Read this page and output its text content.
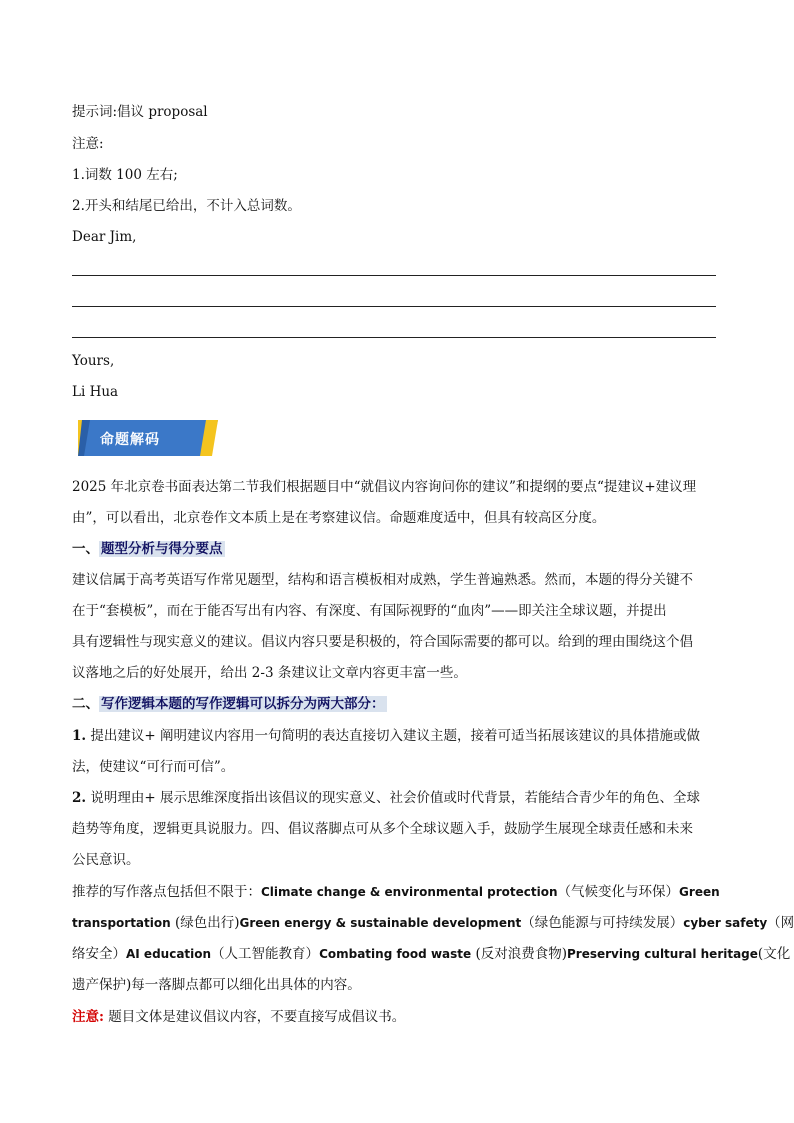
提示词:倡议 proposal
注意:
1.词数 100 左右;
2.开头和结尾已给出，不计入总词数。
Dear Jim,
Yours,
Li Hua
命题解码
2025 年北京卷书面表达第二节我们根据题目中“就倡议内容询问你的建议”和提纲的要点“提建议+建议理
由”，可以看出，北京卷作文本质上是在考察建议信。命题难度适中，但具有较高区分度。
一、 题型分析与得分要点
建议信属于高考英语写作常见题型，结构和语言模板相对成熟，学生普遍熟悉。然而，本题的得分关键不
在于“套模板”，而在于能否写出有内容、有深度、有国际视野的“血肉”——即关注全球议题，并提出
具有逻辑性与现实意义的建议。倡议内容只要是积极的，符合国际需要的都可以。给到的理由围绕这个倡
议落地之后的好处展开，给出 2-3 条建议让文章内容更丰富一些。
二、 写作逻辑本题的写作逻辑可以拆分为两大部分：
1. 提出建议+ 阐明建议内容用一句简明的表达直接切入建议主题，接着可适当拓展该建议的具体措施或做
法，使建议“可行而可信”。
2. 说明理由+ 展示思维深度指出该倡议的现实意义、社会价值或时代背景，若能结合青少年的角色、全球
趋势等角度，逻辑更具说服力。四、倡议落脚点可从多个全球议题入手，鼓励学生展现全球责任感和未来
公民意识。
推荐的写作落点包括但不限于：Climate change & environmental protection（气候变化与环保）Green
transportation (绿色出行)Green energy & sustainable development（绿色能源与可持续发展）cyber safety（网
络安全）AI education（人工智能教育）Combating food waste (反对浪费食物)Preserving cultural heritage(文化
遗产保护)每一落脚点都可以细化出具体的内容。
注意: 题目文体是建议倡议内容，不要直接写成倡议书。
